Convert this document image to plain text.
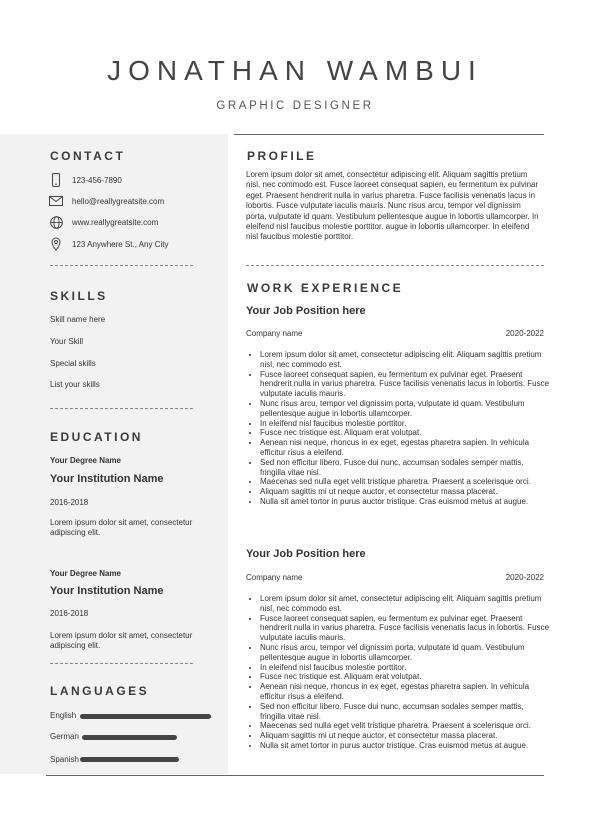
JONATHAN WAMBUI
GRAPHIC DESIGNER
CONTACT
123-456-7890
hello@reallygreatsite.com
www.reallygreatsite.com
123 Anywhere St., Any City
SKILLS
Skill name here
Your Skill
Special skills
List your skills
EDUCATION
Your Degree Name
Your Institution Name
2016-2018
Lorem ipsum dolor sit amet, consectetur adipiscing elit.
Your Degree Name
Your Institution Name
2016-2018
Lorem ipsum dolor sit amet, consectetur adipiscing elit.
LANGUAGES
English
German
Spanish
PROFILE
Lorem ipsum dolor sit amet, consectetur adipiscing elit. Aliquam sagittis pretium nisl, nec commodo est. Fusce laoreet consequat sapien, eu fermentum ex pulvinar eget. Praesent hendrerit nulla in varius pharetra. Fusce facilisis venenatis lacus in lobortis. Fusce vulputate iaculis mauris. Nunc risus arcu, tempor vel dignissim porta, vulputate id quam. Vestibulum pellentesque augue in lobortis ullamcorper. In eleifend nisl faucibus molestie porttitor. augue in lobortis ullamcorper. In eleifend nisl faucibus molestie porttitor.
WORK EXPERIENCE
Your Job Position here
Company name	2020-2022
• Lorem ipsum dolor sit amet, consectetur adipiscing elit. Aliquam sagittis pretium nisl, nec commodo est.
• Fusce laoreet consequat sapien, eu fermentum ex pulvinar eget. Praesent hendrerit nulla in varius pharetra. Fusce facilisis venenatis lacus in lobortis. Fusce vulputate iaculis mauris.
• Nunc risus arcu, tempor vel dignissim porta, vulputate id quam. Vestibulum pellentesque augue in lobortis ullamcorper.
• In eleifend nisl faucibus molestie porttitor.
• Fusce nec tristique est. Aliquam erat volutpat.
• Aenean nisi neque, rhoncus in ex eget, egestas pharetra sapien. In vehicula efficitur risus a eleifend.
• Sed non efficitur libero. Fusce dui nunc, accumsan sodales semper mattis, fringilla vitae nisl.
• Maecenas sed nulla eget velit tristique pharetra. Praesent a scelerisque orci.
• Aliquam sagittis mi ut neque auctor, et consectetur massa placerat.
• Nulla sit amet tortor in purus auctor tristique. Cras euismod metus at augue.
Your Job Position here
Company name	2020-2022
• Lorem ipsum dolor sit amet, consectetur adipiscing elit. Aliquam sagittis pretium nisl, nec commodo est.
• Fusce laoreet consequat sapien, eu fermentum ex pulvinar eget. Praesent hendrerit nulla in varius pharetra. Fusce facilisis venenatis lacus in lobortis. Fusce vulputate iaculis mauris.
• Nunc risus arcu, tempor vel dignissim porta, vulputate id quam. Vestibulum pellentesque augue in lobortis ullamcorper.
• In eleifend nisl faucibus molestie porttitor.
• Fusce nec tristique est. Aliquam erat volutpat.
• Aenean nisi neque, rhoncus in ex eget, egestas pharetra sapien. In vehicula efficitur risus a eleifend.
• Sed non efficitur libero. Fusce dui nunc, accumsan sodales semper mattis, fringilla vitae nisl.
• Maecenas sed nulla eget velit tristique pharetra. Praesent a scelerisque orci.
• Aliquam sagittis mi ut neque auctor, et consectetur massa placerat.
• Nulla sit amet tortor in purus auctor tristique. Cras euismod metus at augue.
